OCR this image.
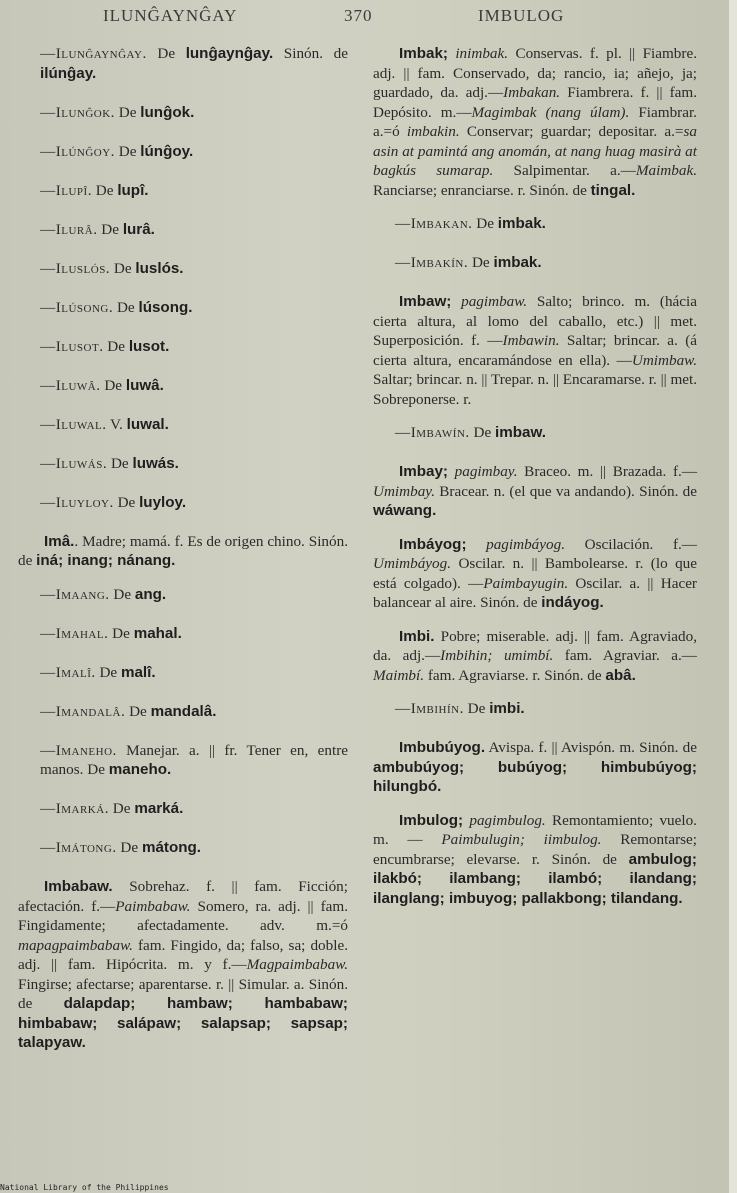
ILUNĜAYNĜAY	370	IMBULOG
—Ilunĝaynĝay. De lunĝaynĝay. Sinón. de ilúnĝay.
—Ilunĝok. De lunĝok.
—Ilúnĝoy. De lúnĝoy.
—Ilupî. De lupî.
—Ilurâ. De lurâ.
—Iluslós. De luslós.
—Ilúsong. De lúsong.
—Ilusot. De lusot.
—Iluwâ. De luwâ.
—Iluwal. V. luwal.
—Iluwás. De luwás.
—Iluyloy. De luyloy.
Imâ.. Madre; mamá. f. Es de origen chino. Sinón. de iná; inang; nánang.
—Imaang. De ang.
—Imahal. De mahal.
—Imalî. De malî.
—Imandalâ. De mandalâ.
—Imaneho. Manejar. a. || fr. Tener en, entre manos. De maneho.
—Imarká. De marká.
—Imátong. De mátong.
Imbabaw. Sobrehaz. f. || fam. Ficción; afectación. f.—Paimbabaw. Somero, ra. adj. || fam. Fingidamente; afectadamente. adv. m.=ó mapagpaimbabaw. fam. Fingido, da; falso, sa; doble. adj. || fam. Hipócrita. m. y f.—Magpaimbabaw. Fingirse; afectarse; aparentarse. r. || Simular. a. Sinón. de dalapdap; hambaw; hambabaw; himbabaw; salápaw; salapsap; sapsap; talapyaw.
Imbak; inimbak. Conservas. f. pl. || Fiambre. adj. || fam. Conservado, da; rancio, ia; añejo, ja; guardado, da. adj.—Imbakan. Fiambrera. f. || fam. Depósito. m.—Magimbak (nang úlam). Fiambrar. a.=ó imbakin. Conservar; guardar; depositar. a.=sa asin at pamintá ang anomán, at nang huag masirà at bagkús sumarap. Salpimentar. a.—Maimbak. Ranciarse; enranciarse. r. Sinón. de tingal.
—Imbakan. De imbak.
—Imbakín. De imbak.
Imbaw; pagimbaw. Salto; brinco. m. (hácia cierta altura, al lomo del caballo, etc.) || met. Superposición. f. —Imbawin. Saltar; brincar. a. (á cierta altura, encaramándose en ella). —Umimbaw. Saltar; brincar. n. || Trepar. n. || Encaramarse. r. || met. Sobreponerse. r.
—Imbawín. De imbaw.
Imbay; pagimbay. Braceo. m. || Brazada. f.—Umimbay. Bracear. n. (el que va andando). Sinón. de wáwang.
Imbáyog; pagimbáyog. Oscilación. f.—Umimbáyog. Oscilar. n. || Bambolearse. r. (lo que está colgado). —Paimbayugin. Oscilar. a. || Hacer balancear al aire. Sinón. de indáyog.
Imbi. Pobre; miserable. adj. || fam. Agraviado, da. adj.—Imbihin; umimbí. fam. Agraviar. a.—Maimbí. fam. Agraviarse. r. Sinón. de abâ.
—Imbihín. De imbi.
Imbubúyog. Avispa. f. || Avispón. m. Sinón. de ambubúyog; bubúyog; himbubúyog; hilungbó.
Imbulog; pagimbulog. Remontamiento; vuelo. m. — Paimbulugin; iimbulog. Remontarse; encumbrarse; elevarse. r. Sinón. de ambulog; ilakbó; ilambang; ilambó; ilandang; ilanglang; imbuyog; pallakbong; tilandang.
National Library of the Philippines
